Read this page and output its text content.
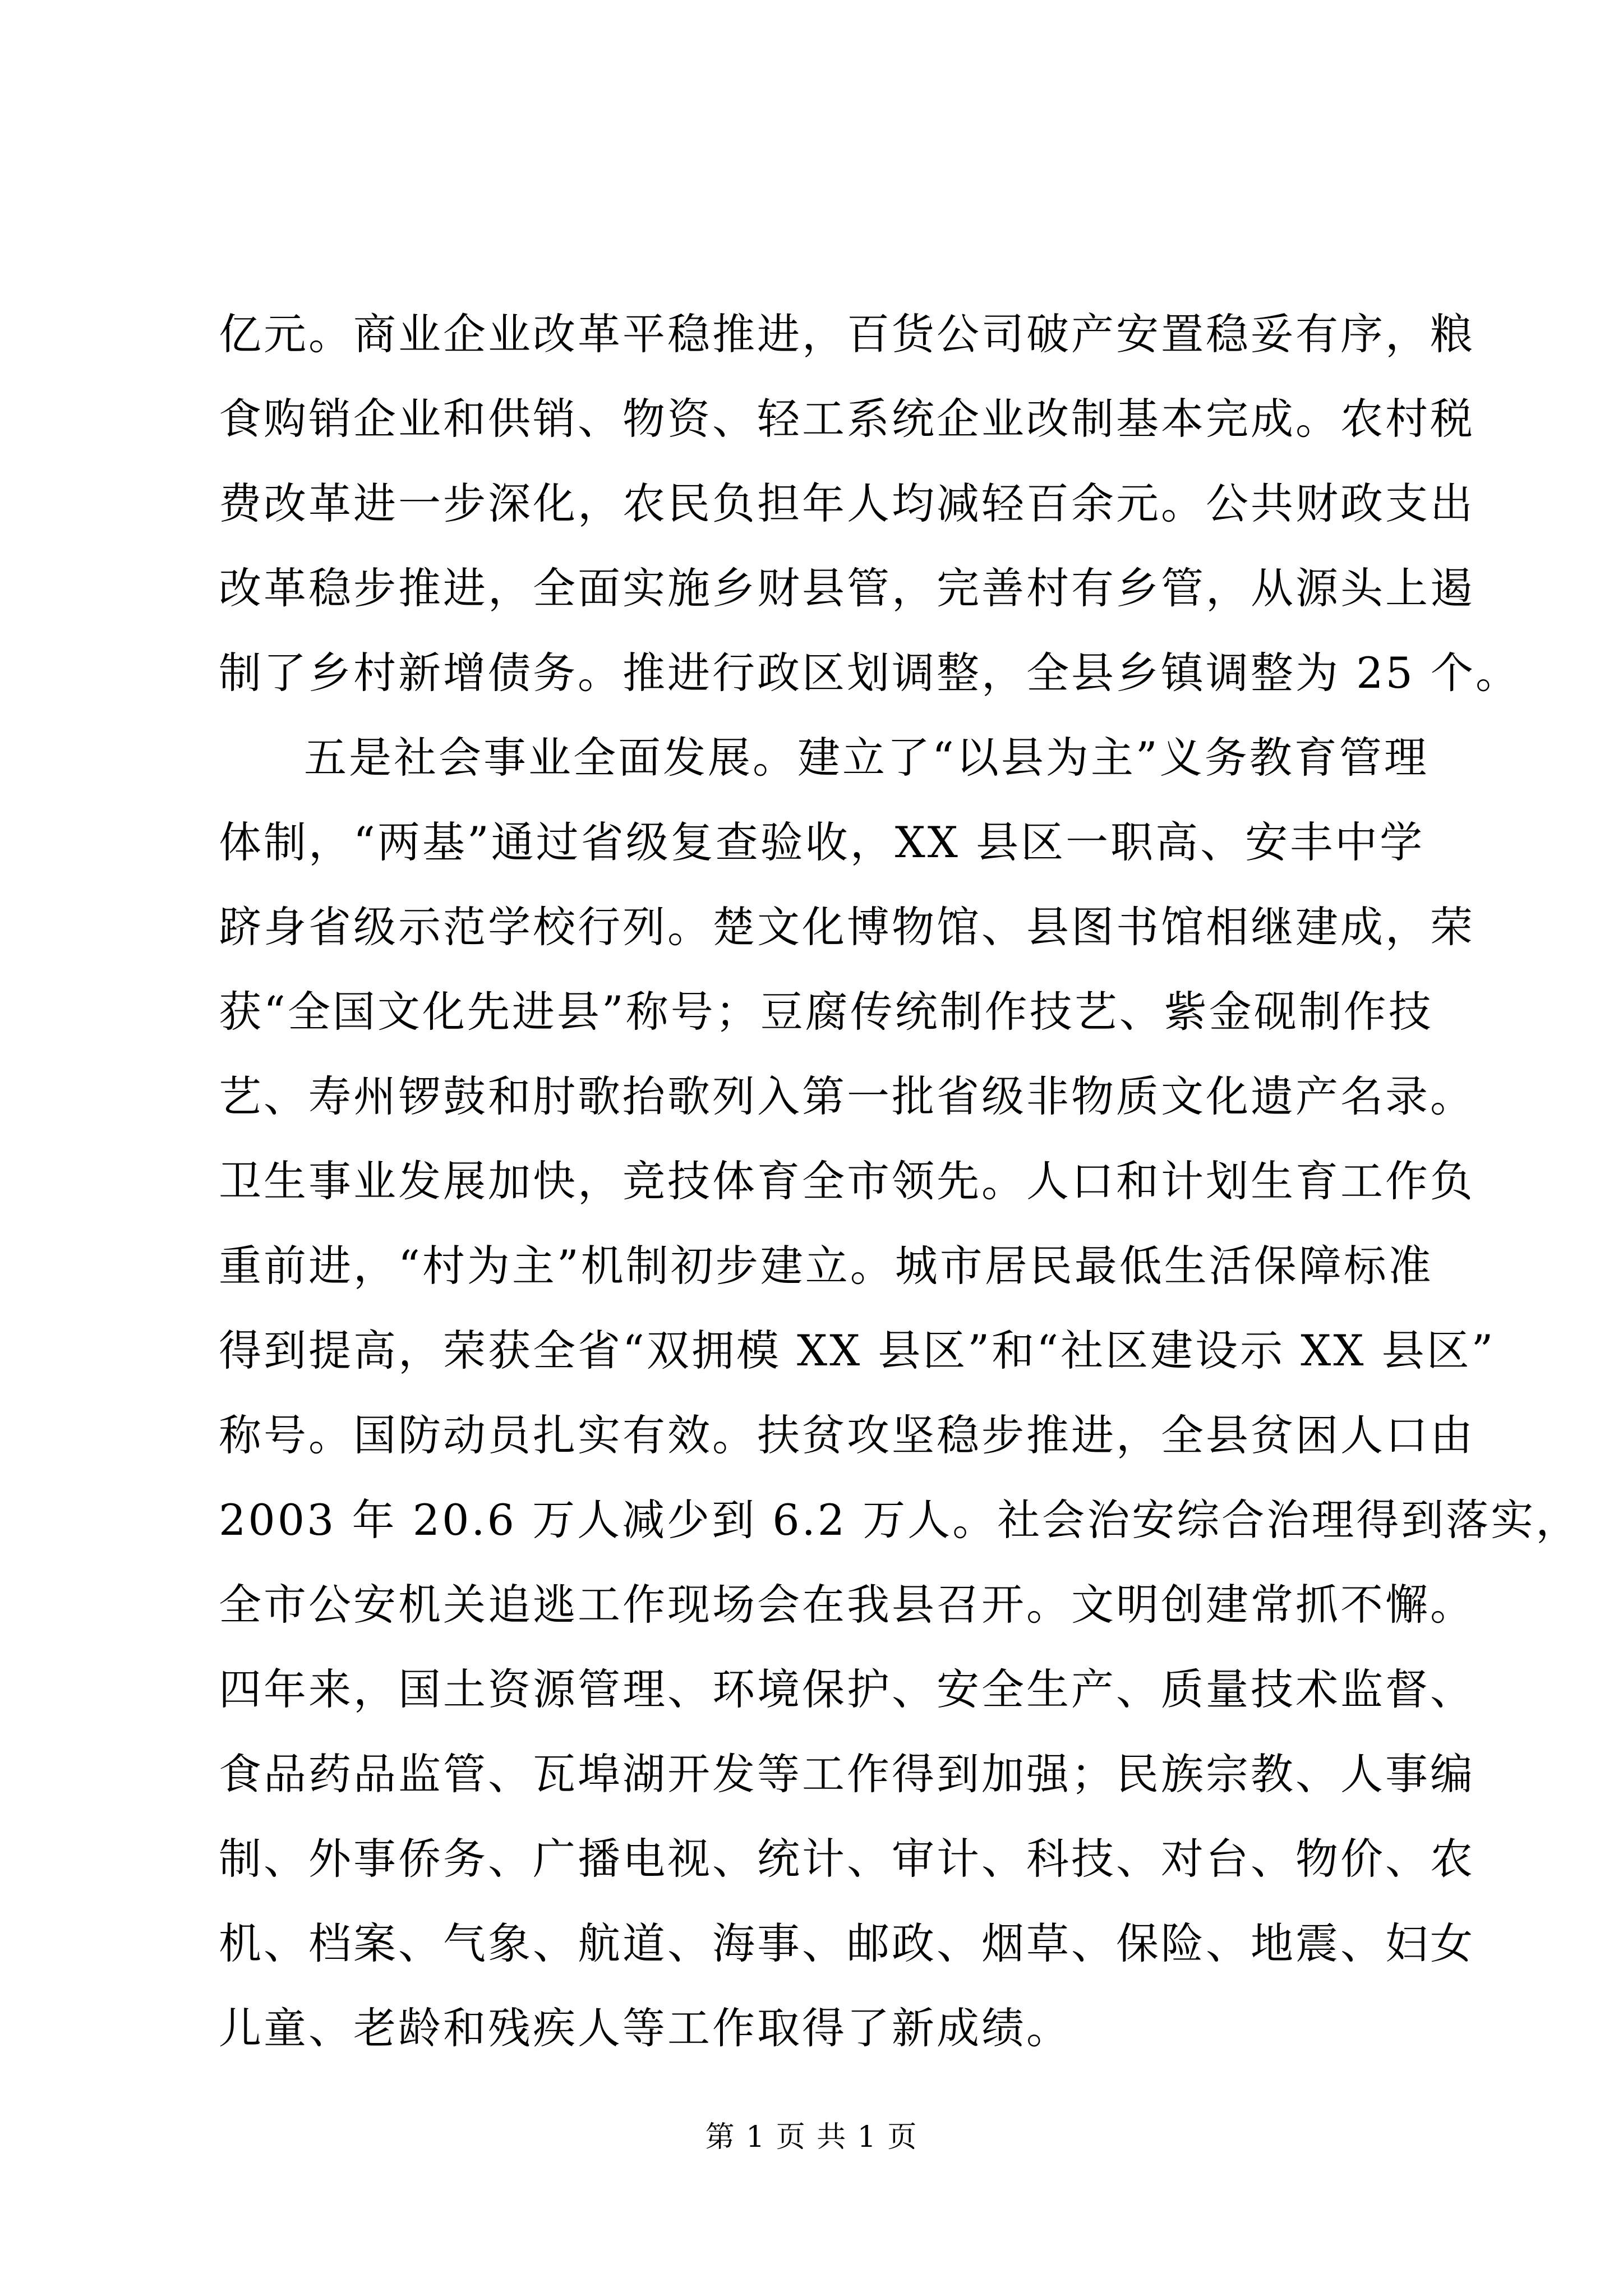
亿元。商业企业改革平稳推进，百货公司破产安置稳妥有序，粮
食购销企业和供销、物资、轻工系统企业改制基本完成。农村税
费改革进一步深化，农民负担年人均减轻百余元。公共财政支出
改革稳步推进，全面实施乡财县管，完善村有乡管，从源头上遏
制了乡村新增债务。推进行政区划调整，全县乡镇调整为 25 个。
五是社会事业全面发展。建立了“以县为主”义务教育管理
体制，“两基”通过省级复查验收，XX 县区一职高、安丰中学
跻身省级示范学校行列。楚文化博物馆、县图书馆相继建成，荣
获“全国文化先进县”称号；豆腐传统制作技艺、紫金砚制作技
艺、寿州锣鼓和肘歌抬歌列入第一批省级非物质文化遗产名录。
卫生事业发展加快，竞技体育全市领先。人口和计划生育工作负
重前进，“村为主”机制初步建立。城市居民最低生活保障标准
得到提高，荣获全省“双拥模 XX 县区”和“社区建设示 XX 县区”
称号。国防动员扎实有效。扶贫攻坚稳步推进，全县贫困人口由
2003 年 20.6 万人减少到 6.2 万人。社会治安综合治理得到落实，
全市公安机关追逃工作现场会在我县召开。文明创建常抓不懈。
四年来，国土资源管理、环境保护、安全生产、质量技术监督、
食品药品监管、瓦埠湖开发等工作得到加强；民族宗教、人事编
制、外事侨务、广播电视、统计、审计、科技、对台、物价、农
机、档案、气象、航道、海事、邮政、烟草、保险、地震、妇女
儿童、老龄和残疾人等工作取得了新成绩。
第 1 页 共 1 页
